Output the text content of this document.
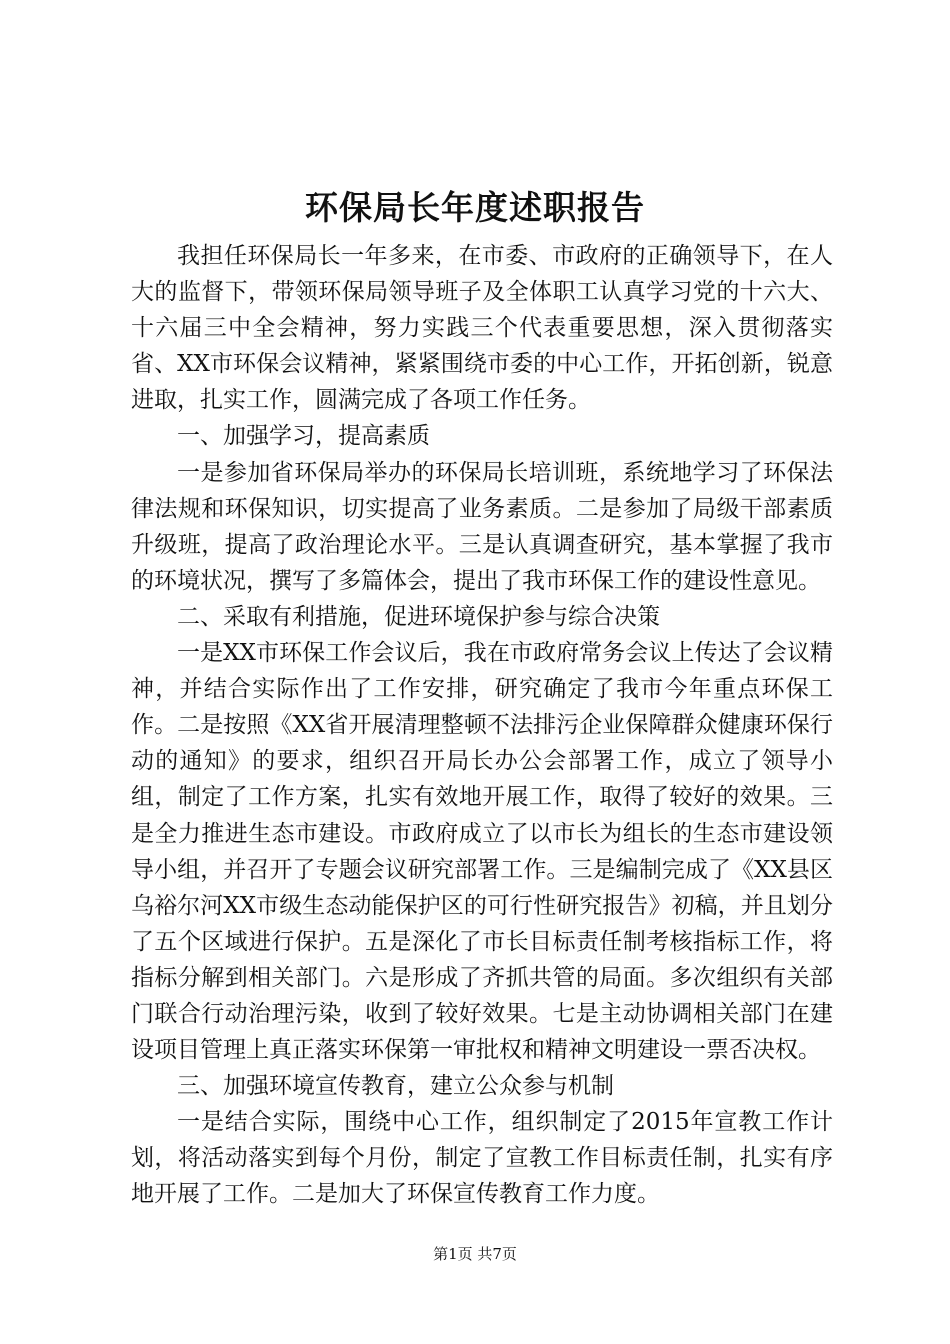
环保局长年度述职报告

我担任环保局长一年多来，在市委、市政府的正确领导下，在人大的监督下，带领环保局领导班子及全体职工认真学习党的十六大、十六届三中全会精神，努力实践三个代表重要思想，深入贯彻落实省、XX市环保会议精神，紧紧围绕市委的中心工作，开拓创新，锐意进取，扎实工作，圆满完成了各项工作任务。

一、加强学习，提高素质

一是参加省环保局举办的环保局长培训班，系统地学习了环保法律法规和环保知识，切实提高了业务素质。二是参加了局级干部素质升级班，提高了政治理论水平。三是认真调查研究，基本掌握了我市的环境状况，撰写了多篇体会，提出了我市环保工作的建设性意见。

二、采取有利措施，促进环境保护参与综合决策

一是XX市环保工作会议后，我在市政府常务会议上传达了会议精神，并结合实际作出了工作安排，研究确定了我市今年重点环保工作。二是按照《XX省开展清理整顿不法排污企业保障群众健康环保行动的通知》的要求，组织召开局长办公会部署工作，成立了领导小组，制定了工作方案，扎实有效地开展工作，取得了较好的效果。三是全力推进生态市建设。市政府成立了以市长为组长的生态市建设领导小组，并召开了专题会议研究部署工作。三是编制完成了《XX县区乌裕尔河XX市级生态动能保护区的可行性研究报告》初稿，并且划分了五个区域进行保护。五是深化了市长目标责任制考核指标工作，将指标分解到相关部门。六是形成了齐抓共管的局面。多次组织有关部门联合行动治理污染，收到了较好效果。七是主动协调相关部门在建设项目管理上真正落实环保第一审批权和精神文明建设一票否决权。

三、加强环境宣传教育，建立公众参与机制

一是结合实际，围绕中心工作，组织制定了2015年宣教工作计划，将活动落实到每个月份，制定了宣教工作目标责任制，扎实有序地开展了工作。二是加大了环保宣传教育工作力度。

第1页 共7页
